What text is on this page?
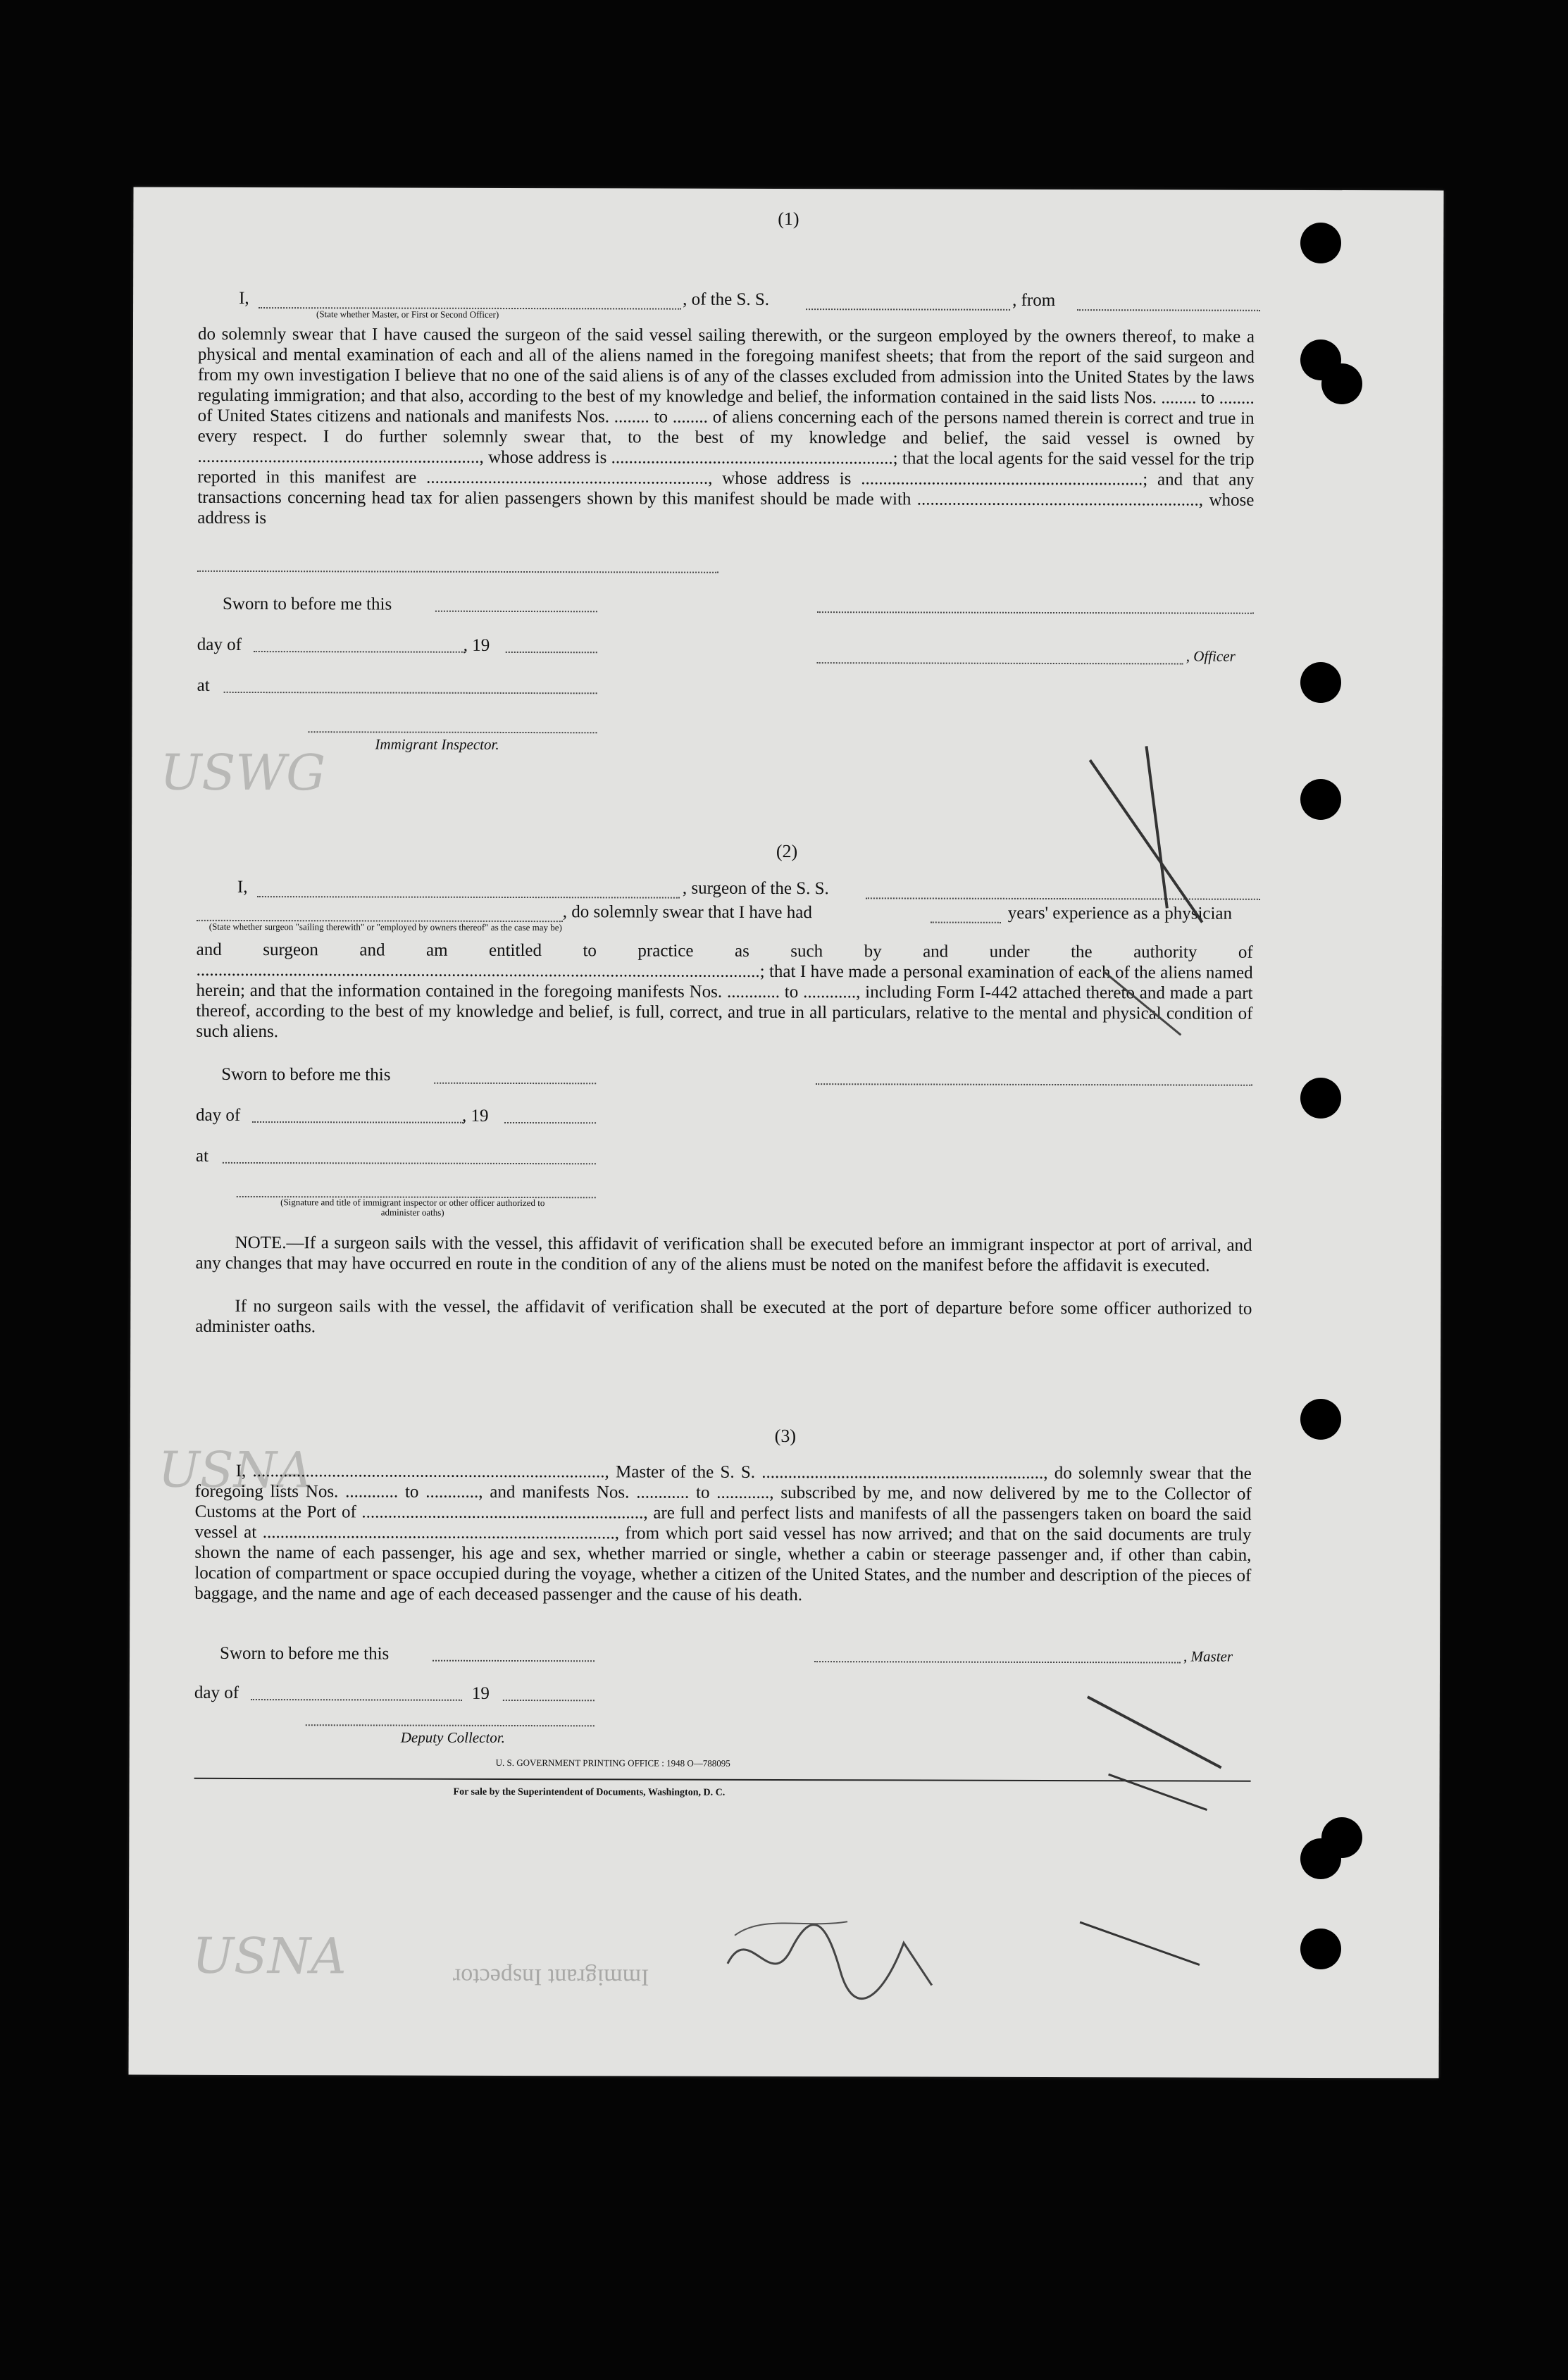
USWG
USNA
USNA	Immigrant Inspector
(1)
I,
(State whether Master, or First or Second Officer)
, of the S. S.	, from
do solemnly swear that I have caused the surgeon of the said vessel sailing therewith, or the surgeon employed by the owners thereof, to make a physical and mental examination of each and all of the aliens named in the foregoing manifest sheets; that from the report of the said surgeon and from my own investigation I believe that no one of the said aliens is of any of the classes excluded from admission into the United States by the laws regulating immigration; and that also, according to the best of my knowledge and belief, the information contained in the said lists Nos. ........ to ........ of United States citizens and nationals and manifests Nos. ........ to ........ of aliens concerning each of the persons named therein is correct and true in every respect. I do further solemnly swear that, to the best of my knowledge and belief, the said vessel is owned by ................................................................, whose address is ................................................................; that the local agents for the said vessel for the trip reported in this manifest are ................................................................, whose address is ................................................................; and that any transactions concerning head tax for alien passengers shown by this manifest should be made with ................................................................, whose address is
Sworn to before me this
day of	, 19
, Officer
at
Immigrant Inspector.
(2)
I,	, surgeon of the S. S.
, do solemnly swear that I have had	years' experience as a physician
(State whether surgeon "sailing therewith" or "employed by owners thereof" as the case may be)
and surgeon and am entitled to practice as such by and under the authority of ................................................................................................................................; that I have made a personal examination of each of the aliens named herein; and that the information contained in the foregoing manifests Nos. ............ to ............, including Form I-442 attached thereto and made a part thereof, according to the best of my knowledge and belief, is full, correct, and true in all particulars, relative to the mental and physical condition of such aliens.
Sworn to before me this
day of	, 19
at
(Signature and title of immigrant inspector or other officer authorized to administer oaths)
NOTE.—If a surgeon sails with the vessel, this affidavit of verification shall be executed before an immigrant inspector at port of arrival, and any changes that may have occurred en route in the condition of any of the aliens must be noted on the manifest before the affidavit is executed.
If no surgeon sails with the vessel, the affidavit of verification shall be executed at the port of departure before some officer authorized to administer oaths.
(3)
I, ................................................................................, Master of the S. S. ................................................................, do solemnly swear that the foregoing lists Nos. ............ to ............, and manifests Nos. ............ to ............, subscribed by me, and now delivered by me to the Collector of Customs at the Port of ................................................................, are full and perfect lists and manifests of all the passengers taken on board the said vessel at ................................................................................, from which port said vessel has now arrived; and that on the said documents are truly shown the name of each passenger, his age and sex, whether married or single, whether a cabin or steerage passenger and, if other than cabin, location of compartment or space occupied during the voyage, whether a citizen of the United States, and the number and description of the pieces of baggage, and the name and age of each deceased passenger and the cause of his death.
Sworn to before me this	, Master
day of	19
Deputy Collector.
U. S. GOVERNMENT PRINTING OFFICE : 1948 O—788095
For sale by the Superintendent of Documents, Washington, D. C.
